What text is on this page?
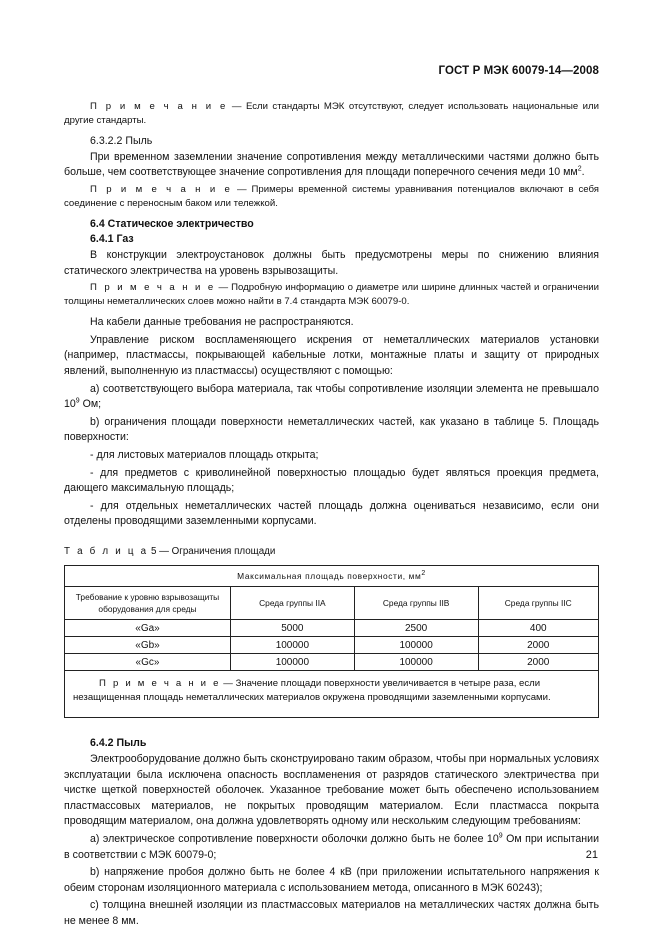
ГОСТ Р МЭК 60079-14—2008

П р и м е ч а н и е — Если стандарты МЭК отсутствуют, следует использовать национальные или другие стандарты.

6.3.2.2 Пыль

При временном заземлении значение сопротивления между металлическими частями должно быть больше, чем соответствующее значение сопротивления для площади поперечного сечения меди 10 $мм^2$.

П р и м е ч а н и е — Примеры временной системы уравнивания потенциалов включают в себя соединение с переносным баком или тележкой.

6.4 Статическое электричество

6.4.1 Газ

В конструкции электроустановок должны быть предусмотрены меры по снижению влияния статического электричества на уровень взрывозащиты.

П р и м е ч а н и е — Подробную информацию о диаметре или ширине длинных частей и ограничении толщины неметаллических слоев можно найти в 7.4 стандарта МЭК 60079-0.

На кабели данные требования не распространяются.

Управление риском воспламеняющего искрения от неметаллических материалов установки (например, пластмассы, покрывающей кабельные лотки, монтажные платы и защиту от природных явлений, выполненную из пластмассы) осуществляют с помощью:

а) соответствующего выбора материала, так чтобы сопротивление изоляции элемента не превышало $10^9$ Ом;

b) ограничения площади поверхности неметаллических частей, как указано в таблице 5. Площадь поверхности:

- для листовых материалов площадь открыта;

- для предметов с криволинейной поверхностью площадью будет являться проекция предмета, дающего максимальную площадь;

- для отдельных неметаллических частей площадь должна оцениваться независимо, если они отделены проводящими заземленными корпусами.

Т а б л и ц а 5 — Ограничения площади
Максимальная площадь поверхности, $мм^2$
Требование к уровню взрывозащиты оборудования для среды	Среда группы IIA	Среда группы IIB	Среда группы IIC
«Ga»	5000	2500	400
«Gb»	100000	100000	2000
«Gc»	100000	100000	2000
П р и м е ч а н и е — Значение площади поверхности увеличивается в четыре раза, если незащищенная площадь неметаллических материалов окружена проводящими заземленными корпусами.			

6.4.2 Пыль

Электрооборудование должно быть сконструировано таким образом, чтобы при нормальных условиях эксплуатации была исключена опасность воспламенения от разрядов статического электричества при чистке щеткой поверхностей оболочек. Указанное требование может быть обеспечено использованием пластмассовых материалов, не покрытых проводящим материалом. Если пластмасса покрыта проводящим материалом, она должна удовлетворять одному или нескольким следующим требованиям:

а) электрическое сопротивление поверхности оболочки должно быть не более $10^9$ Ом при испытании в соответствии с МЭК 60079-0;

b) напряжение пробоя должно быть не более 4 кВ (при приложении испытательного напряжения к обеим сторонам изоляционного материала с использованием метода, описанного в МЭК 60243);

с) толщина внешней изоляции из пластмассовых материалов на металлических частях должна быть не менее 8 мм.

21
